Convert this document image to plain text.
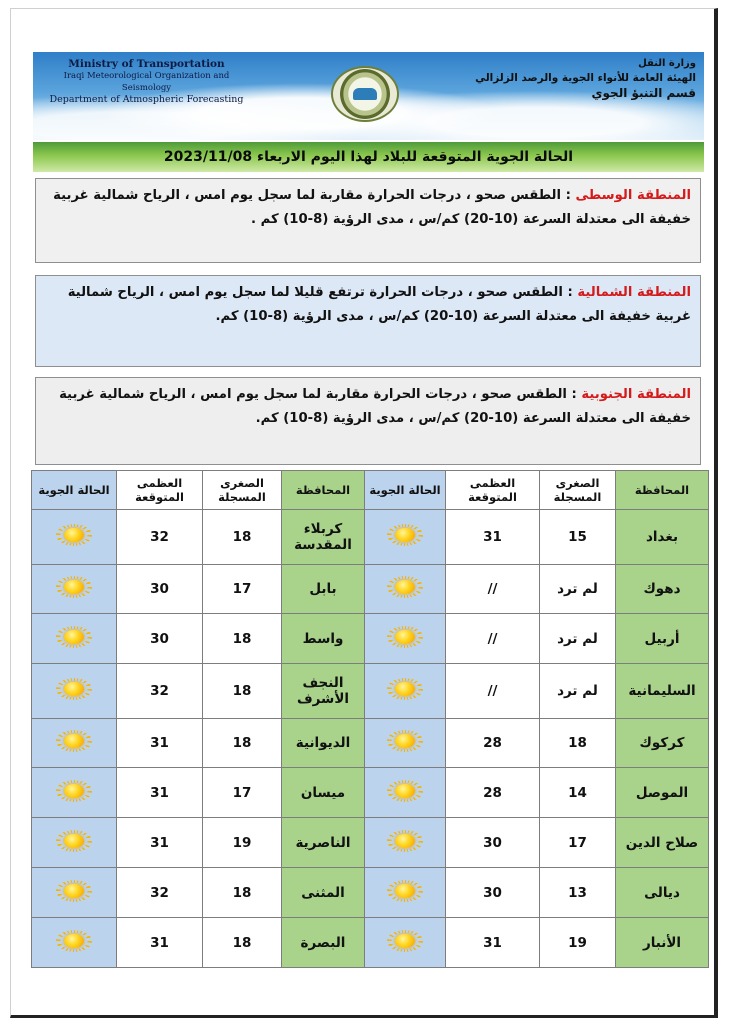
Ministry of Transportation
Iraqi Meteorological Organization and Seismology
Department of Atmospheric Forecasting
وزارة النقل
الهيئة العامة للأنواء الجوية والرصد الزلزالي
قسم التنبؤ الجوي
الحالة الجوية المتوقعة للبلاد لهذا اليوم الاربعاء 2023/11/08
المنطقة الوسطى : الطقس صحو ، درجات الحرارة مقاربة لما سجل يوم امس ، الرياح شمالية غربية خفيفة الى معتدلة السرعة (10-20) كم/س ، مدى الرؤية (8-10) كم .
المنطقة الشمالية : الطقس صحو ، درجات الحرارة ترتفع قليلا لما سجل يوم امس ، الرياح شمالية غربية خفيفة الى معتدلة السرعة (10-20) كم/س ، مدى الرؤية (8-10) كم.
المنطقة الجنوبية : الطقس صحو ، درجات الحرارة مقاربة لما سجل يوم امس ، الرياح شمالية غربية خفيفة الى معتدلة السرعة (10-20) كم/س ، مدى الرؤية (8-10) كم.
الحالة الجوية	العظمى المتوقعة	الصغرى المسجلة	المحافظة	الحالة الجوية	العظمى المتوقعة	الصغرى المسجلة	المحافظة
	32	18	كربلاء المقدسة		31	15	بغداد
	30	17	بابل		//	لم ترد	دهوك
	30	18	واسط		//	لم ترد	أربيل
	32	18	النجف الأشرف		//	لم ترد	السليمانية
	31	18	الديوانية		28	18	كركوك
	31	17	ميسان		28	14	الموصل
	31	19	الناصرية		30	17	صلاح الدين
	32	18	المثنى		30	13	ديالى
	31	18	البصرة		31	19	الأنبار
